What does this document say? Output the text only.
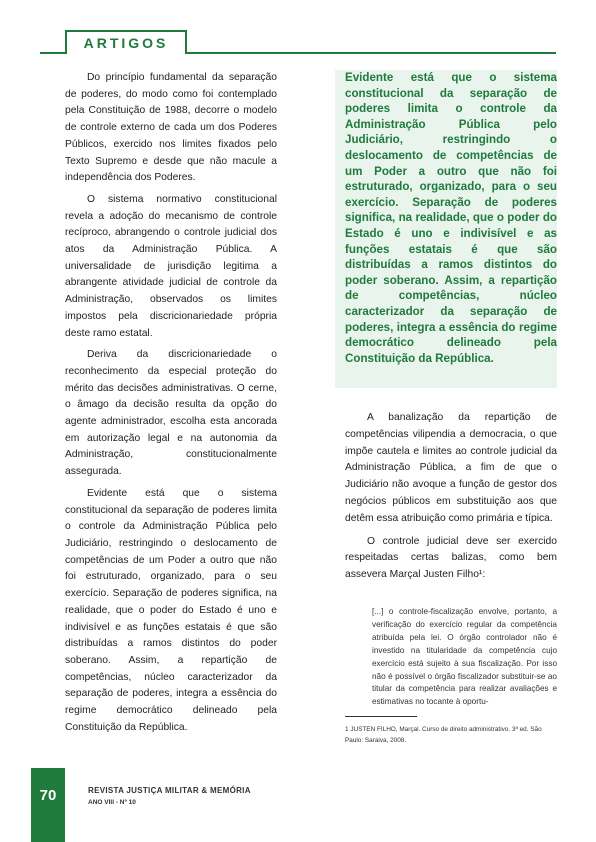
ARTIGOS

Do princípio fundamental da separação de poderes, do modo como foi contemplado pela Constituição de 1988, decorre o modelo de controle externo de cada um dos Poderes Públicos, exercido nos limites fixados pelo Texto Supremo e desde que não macule a independência dos Poderes.

O sistema normativo constitucional revela a adoção do mecanismo de controle recíproco, abrangendo o controle judicial dos atos da Administração Pública. A universalidade de jurisdição legitima a abrangente atividade judicial de controle da Administração, observados os limites impostos pela discricionariedade própria deste ramo estatal.

Deriva da discricionariedade o reconhecimento da especial proteção do mérito das decisões administrativas. O cerne, o âmago da decisão resulta da opção do agente administrador, escolha esta ancorada em autorização legal e na autonomia da Administração, constitucionalmente assegurada.

Evidente está que o sistema constitucional da separação de poderes limita o controle da Administração Pública pelo Judiciário, restringindo o deslocamento de competências de um Poder a outro que não foi estruturado, organizado, para o seu exercício. Separação de poderes significa, na realidade, que o poder do Estado é uno e indivisível e as funções estatais é que são distribuídas a ramos distintos do poder soberano. Assim, a repartição de competências, núcleo caracterizador da separação de poderes, integra a essência do regime democrático delineado pela Constituição da República.

Evidente está que o sistema constitucional da separação de poderes limita o controle da Administração Pública pelo Judiciário, restringindo o deslocamento de competências de um Poder a outro que não foi estruturado, organizado, para o seu exercício. Separação de poderes significa, na realidade, que o poder do Estado é uno e indivisível e as funções estatais é que são distribuídas a ramos distintos do poder soberano. Assim, a repartição de competências, núcleo caracterizador da separação de poderes, integra a essência do regime democrático delineado pela Constituição da República.

A banalização da repartição de competências vilipendia a democracia, o que impõe cautela e limites ao controle judicial da Administração Pública, a fim de que o Judiciário não avoque a função de gestor dos negócios públicos em substituição aos que detêm essa atribuição como primária e típica.

O controle judicial deve ser exercido respeitadas certas balizas, como bem assevera Marçal Justen Filho¹:

[...] o controle-fiscalização envolve, portanto, a verificação do exercício regular da competência atribuída pela lei. O órgão controlador não é investido na titularidade da competência cujo exercício está sujeito à sua fiscalização. Por isso não é possível o órgão fiscalizador substituir-se ao titular da competência para realizar avaliações e estimativas no tocante à oportu-
1 JUSTEN FILHO, Marçal. Curso de direito administrativo. 3ª ed. São Paulo: Saraiva, 2008.
70	REVISTA JUSTIÇA MILITAR & MEMÓRIA
ANO VIII - Nº 10
